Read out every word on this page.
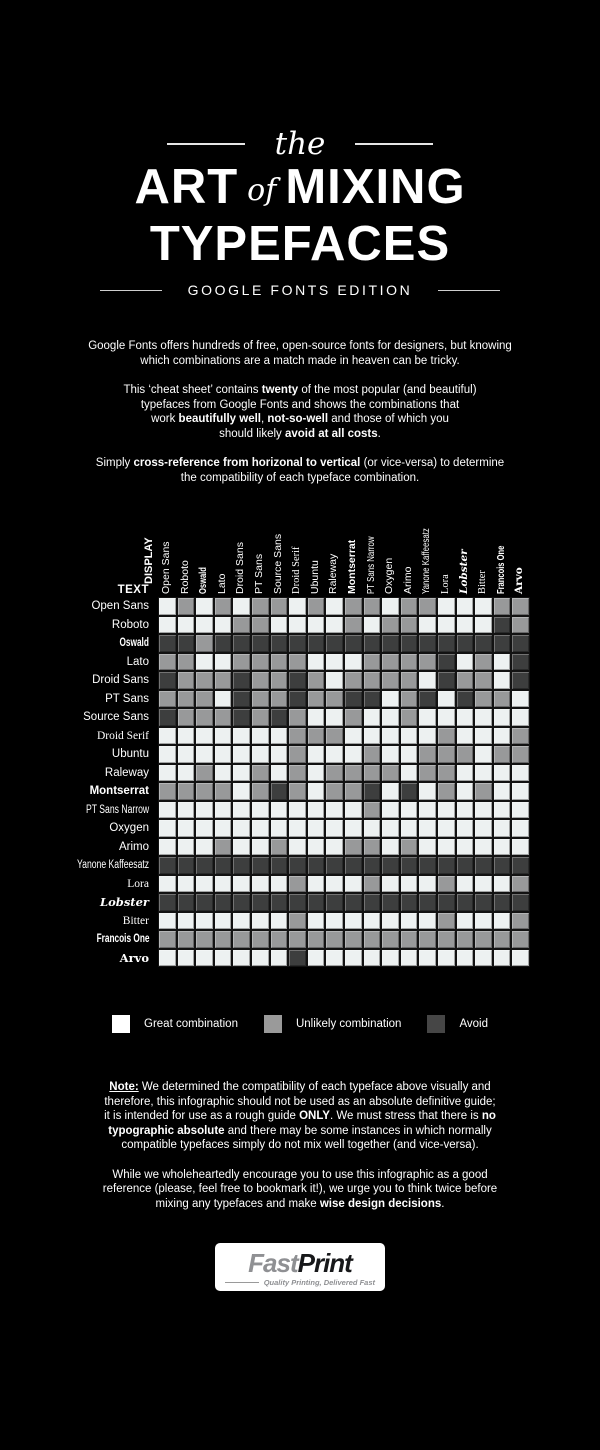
the
ART of MIXING
TYPEFACES
GOOGLE FONTS EDITION

Google Fonts offers hundreds of free, open-source fonts for designers, but knowing
which combinations are a match made in heaven can be tricky.

This ‘cheat sheet’ contains twenty of the most popular (and beautiful)
typefaces from Google Fonts and shows the combinations that
work beautifully well, not-so-well and those of which you
should likely avoid at all costs.

Simply cross-reference from horizonal to vertical (or vice-versa) to determine
the compatibility of each typeface combination.

DISPLAY
TEXT Open Sans Roboto Oswald Lato Droid Sans PT Sans Source Sans Droid Serif Ubuntu Raleway Montserrat PT Sans Narrow Oxygen Arimo Yanone Kaffeesatz Lora Lobster Bitter Francois One Arvo
Open Sans
Roboto
Oswald
Lato
Droid Sans
PT Sans
Source Sans
Droid Serif
Ubuntu
Raleway
Montserrat
PT Sans Narrow
Oxygen
Arimo
Yanone Kaffeesatz
Lora
Lobster
Bitter
Francois One
Arvo
Great combination	Unlikely combination	Avoid

Note: We determined the compatibility of each typeface above visually and
therefore, this infographic should not be used as an absolute definitive guide;
it is intended for use as a rough guide ONLY. We must stress that there is no
typographic absolute and there may be some instances in which normally
compatible typefaces simply do not mix well together (and vice-versa).

While we wholeheartedly encourage you to use this infographic as a good
reference (please, feel free to bookmark it!), we urge you to think twice before
mixing any typefaces and make wise design decisions.

FastPrint
Quality Printing, Delivered Fast
